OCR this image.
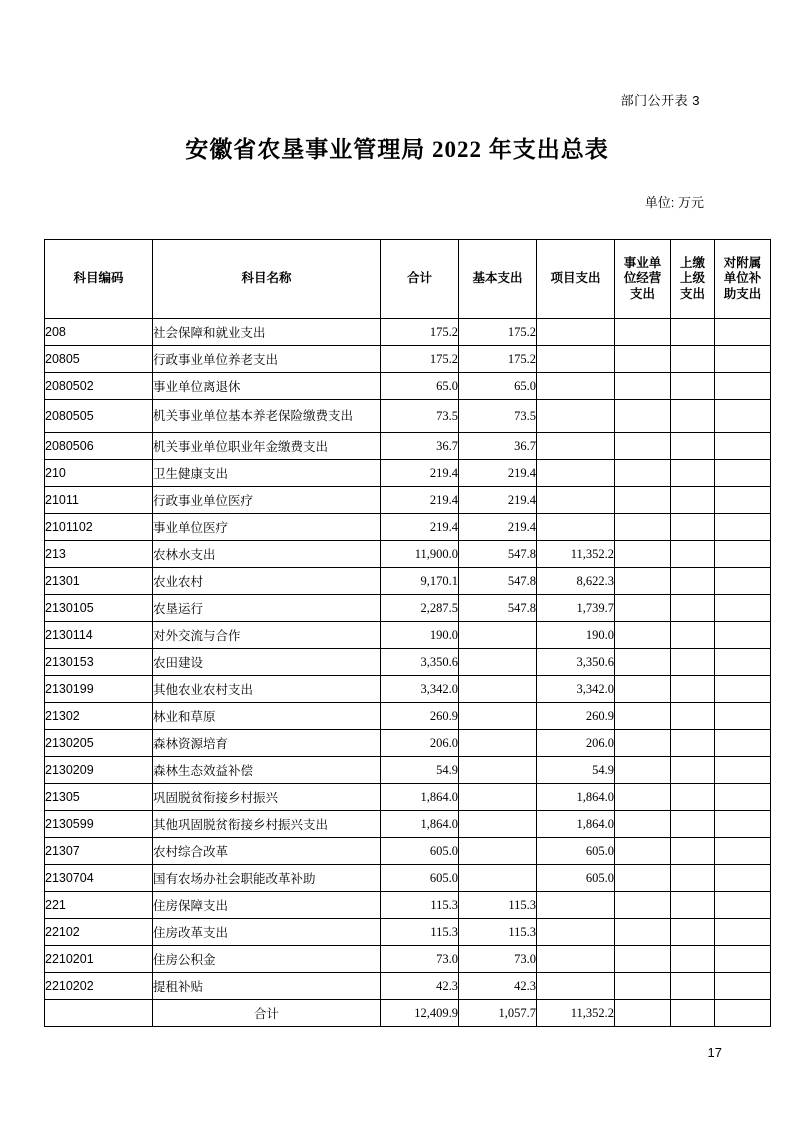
部门公开表 3
安徽省农垦事业管理局 2022 年支出总表
单位: 万元
科目编码	科目名称	合计	基本支出	项目支出	事业单位经营支出	上缴上级支出	对附属单位补助支出
208	社会保障和就业支出	175.2	175.2				
20805	行政事业单位养老支出	175.2	175.2				
2080502	事业单位离退休	65.0	65.0				
2080505	机关事业单位基本养老保险缴费支出	73.5	73.5				
2080506	机关事业单位职业年金缴费支出	36.7	36.7				
210	卫生健康支出	219.4	219.4				
21011	行政事业单位医疗	219.4	219.4				
2101102	事业单位医疗	219.4	219.4				
213	农林水支出	11,900.0	547.8	11,352.2			
21301	农业农村	9,170.1	547.8	8,622.3			
2130105	农垦运行	2,287.5	547.8	1,739.7			
2130114	对外交流与合作	190.0		190.0			
2130153	农田建设	3,350.6		3,350.6			
2130199	其他农业农村支出	3,342.0		3,342.0			
21302	林业和草原	260.9		260.9			
2130205	森林资源培育	206.0		206.0			
2130209	森林生态效益补偿	54.9		54.9			
21305	巩固脱贫衔接乡村振兴	1,864.0		1,864.0			
2130599	其他巩固脱贫衔接乡村振兴支出	1,864.0		1,864.0			
21307	农村综合改革	605.0		605.0			
2130704	国有农场办社会职能改革补助	605.0		605.0			
221	住房保障支出	115.3	115.3				
22102	住房改革支出	115.3	115.3				
2210201	住房公积金	73.0	73.0				
2210202	提租补贴	42.3	42.3				
	合计	12,409.9	1,057.7	11,352.2			
17
